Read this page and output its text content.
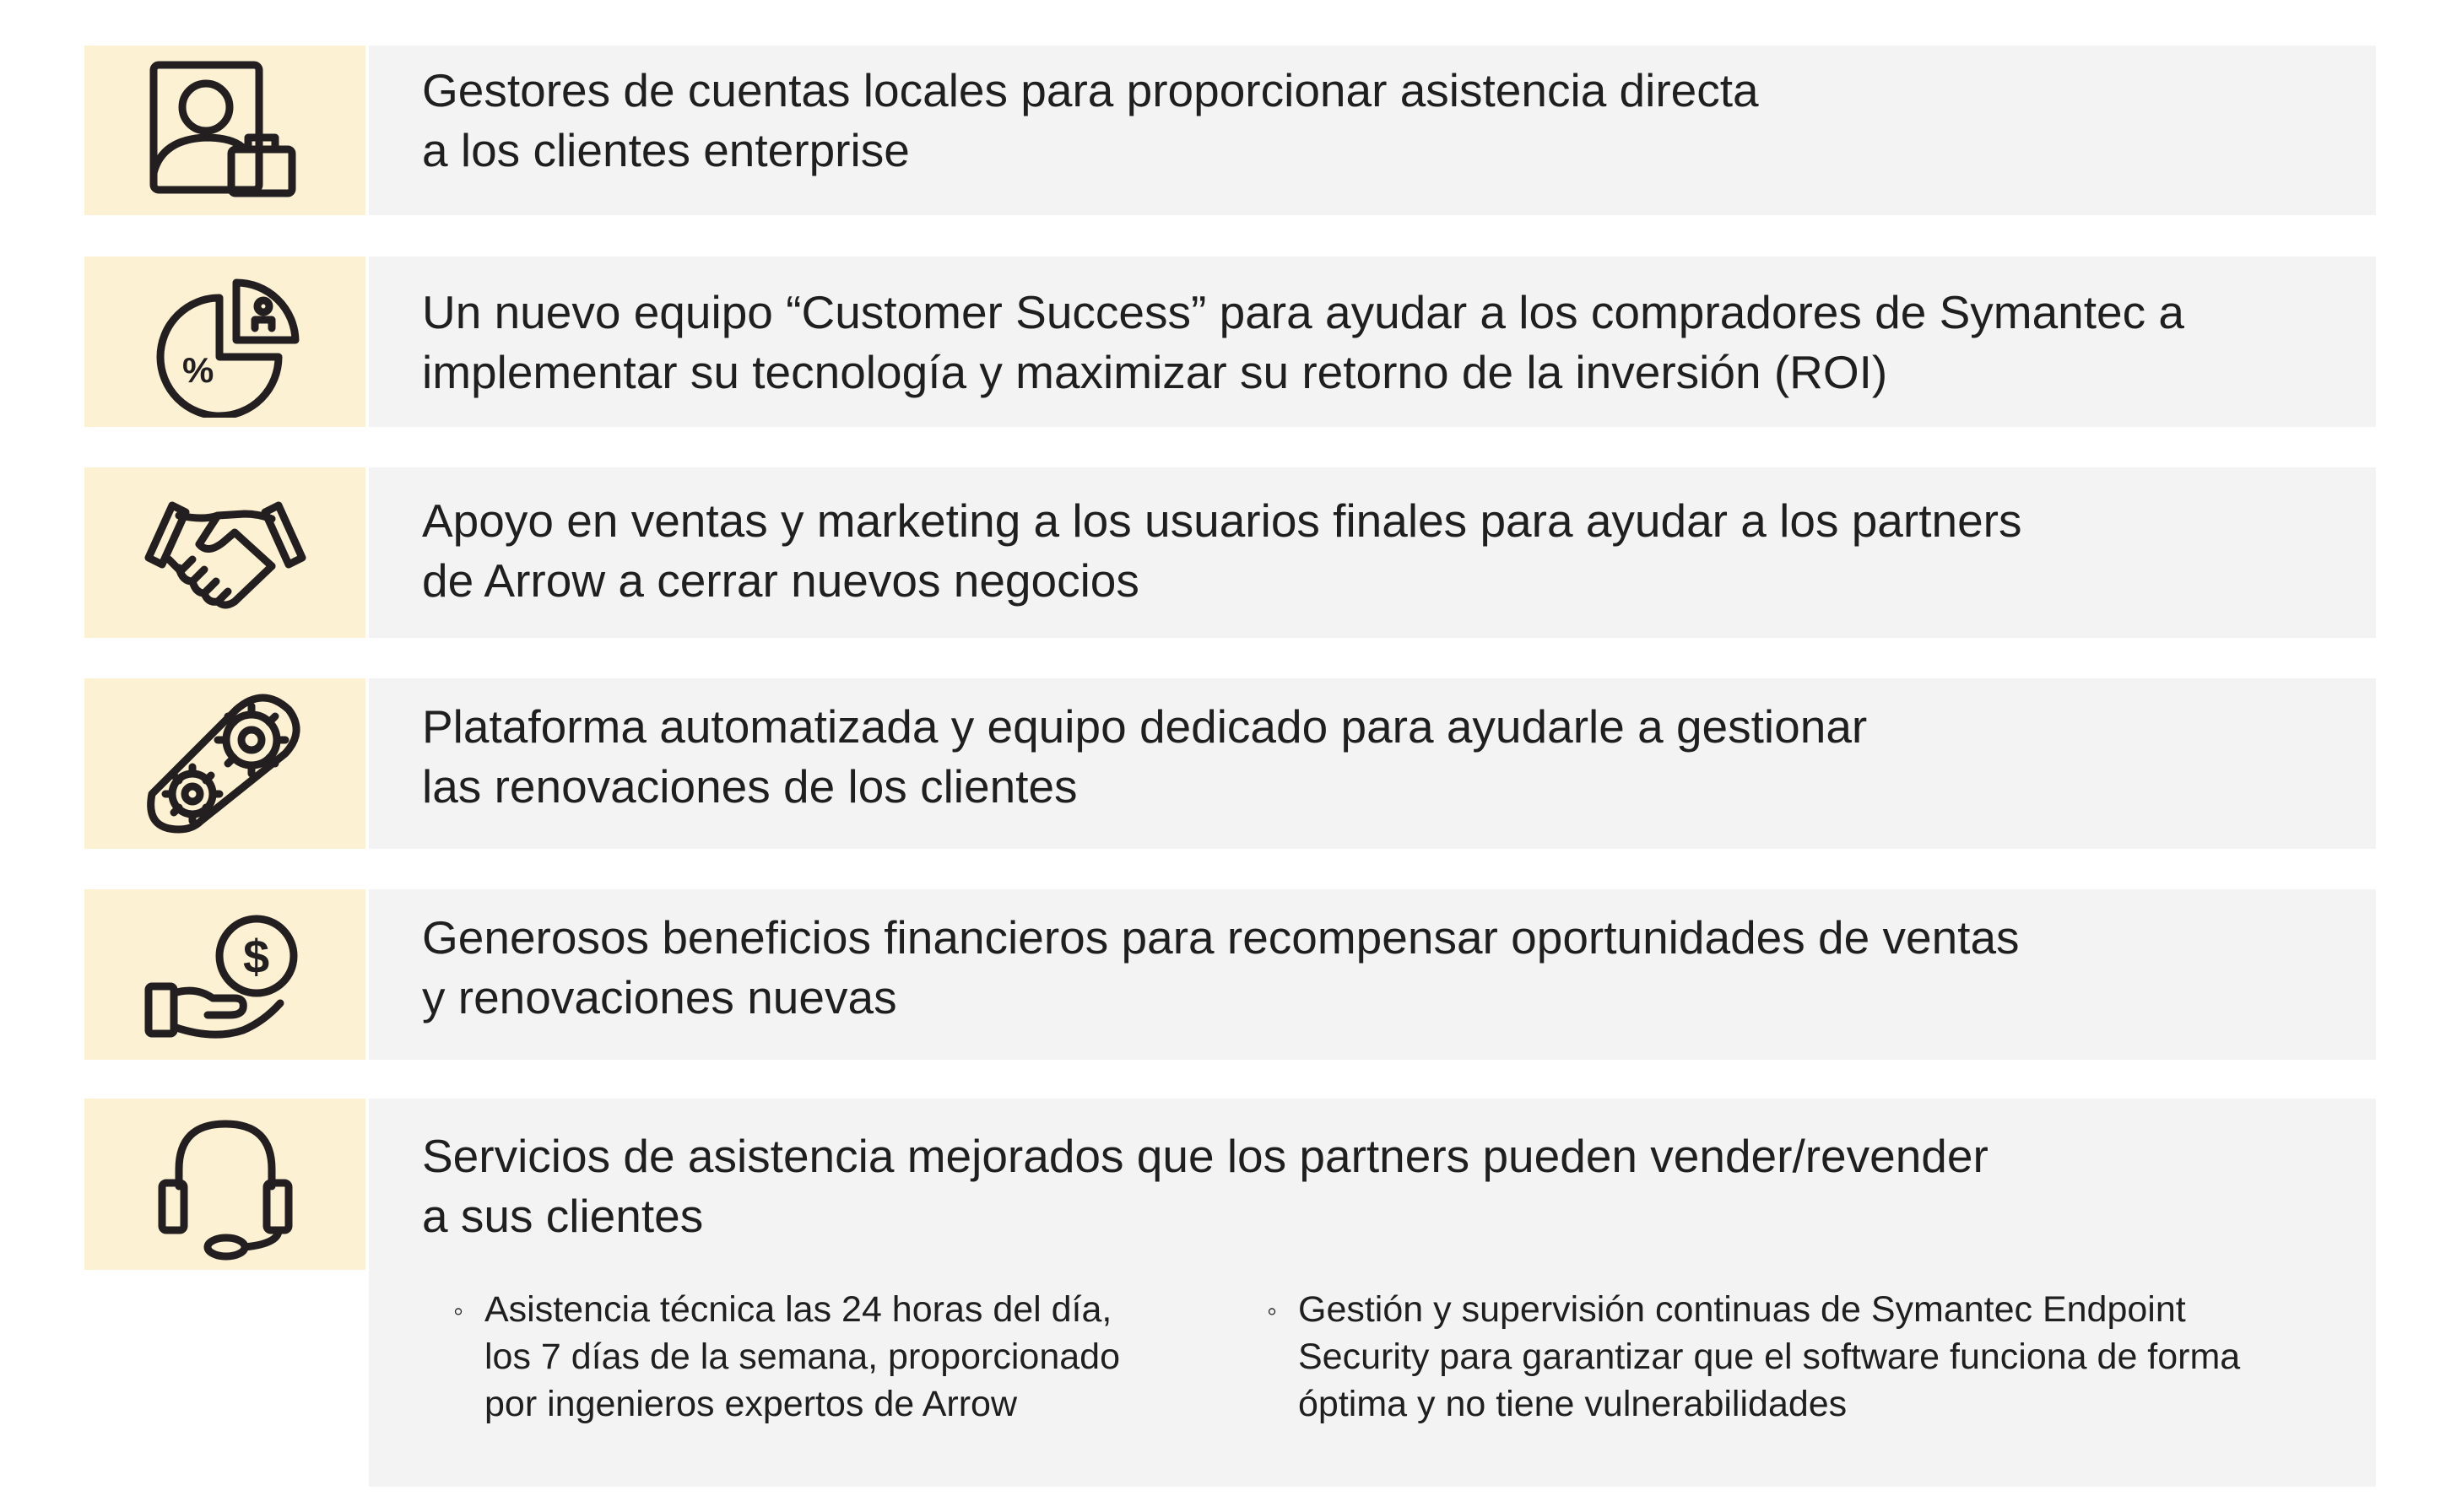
Gestores de cuentas locales para proporcionar asistencia directa
a los clientes enterprise
%
Un nuevo equipo “Customer Success” para ayudar a los compradores de Symantec a
implementar su tecnología y maximizar su retorno de la inversión (ROI)
Apoyo en ventas y marketing a los usuarios finales para ayudar a los partners
de Arrow a cerrar nuevos negocios
Plataforma automatizada y equipo dedicado para ayudarle a gestionar
las renovaciones de los clientes
$	Generosos beneficios financieros para recompensar oportunidades de ventas
y renovaciones nuevas
Servicios de asistencia mejorados que los partners pueden vender/revender
a sus clientes
◦ Asistencia técnica las 24 horas del día,
los 7 días de la semana, proporcionado
por ingenieros expertos de Arrow
◦ Gestión y supervisión continuas de Symantec Endpoint
Security para garantizar que el software funciona de forma
óptima y no tiene vulnerabilidades
